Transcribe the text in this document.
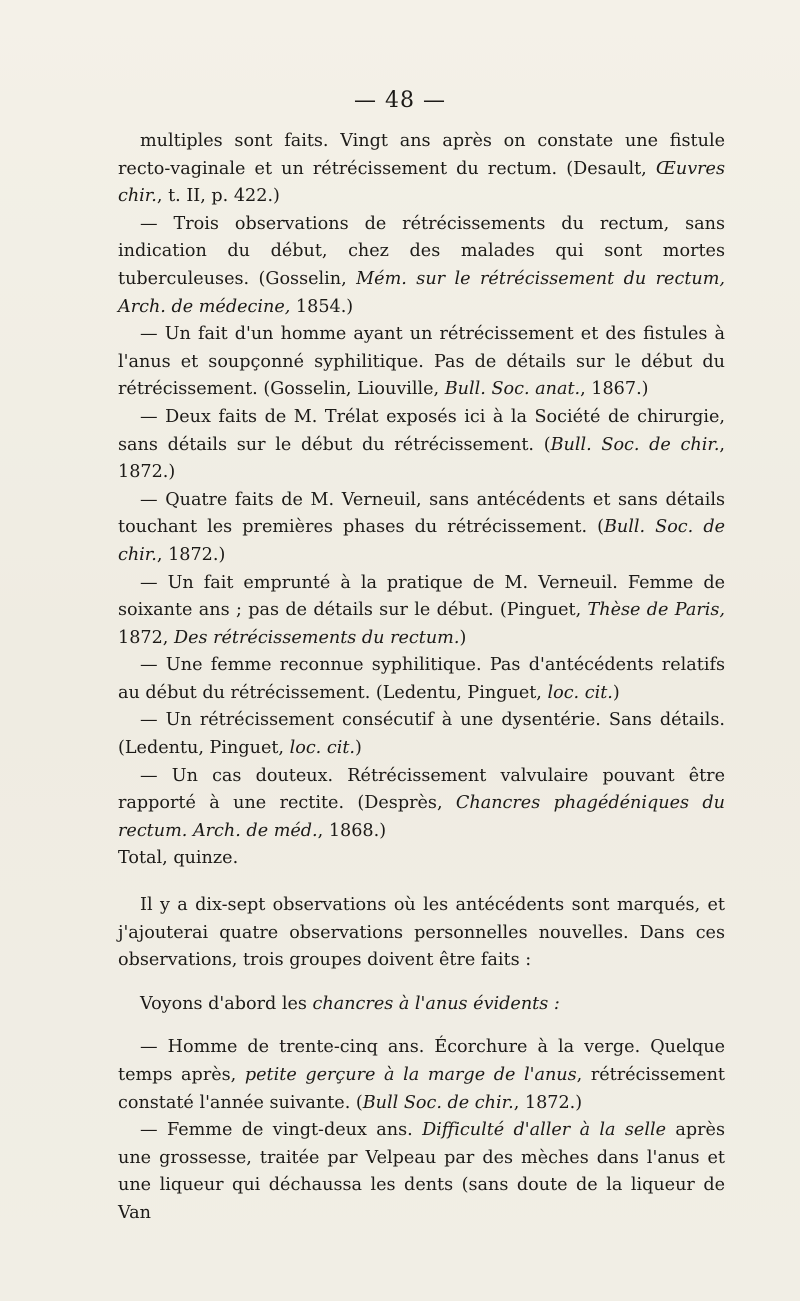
— 48 —

multiples sont faits. Vingt ans après on constate une fistule recto-vaginale et un rétrécissement du rectum. (Desault, Œuvres chir., t. II, p. 422.)

— Trois observations de rétrécissements du rectum, sans indication du début, chez des malades qui sont mortes tuberculeuses. (Gosselin, Mém. sur le rétrécissement du rectum, Arch. de médecine, 1854.)

— Un fait d'un homme ayant un rétrécissement et des fistules à l'anus et soupçonné syphilitique. Pas de détails sur le début du rétrécissement. (Gosselin, Liouville, Bull. Soc. anat., 1867.)

— Deux faits de M. Trélat exposés ici à la Société de chirurgie, sans détails sur le début du rétrécissement. (Bull. Soc. de chir., 1872.)

— Quatre faits de M. Verneuil, sans antécédents et sans détails touchant les premières phases du rétrécissement. (Bull. Soc. de chir., 1872.)

— Un fait emprunté à la pratique de M. Verneuil. Femme de soixante ans ; pas de détails sur le début. (Pinguet, Thèse de Paris, 1872, Des rétrécissements du rectum.)

— Une femme reconnue syphilitique. Pas d'antécédents relatifs au début du rétrécissement. (Ledentu, Pinguet, loc. cit.)

— Un rétrécissement consécutif à une dysentérie. Sans détails. (Ledentu, Pinguet, loc. cit.)

— Un cas douteux. Rétrécissement valvulaire pouvant être rapporté à une rectite. (Desprès, Chancres phagédéniques du rectum. Arch. de méd., 1868.)

Total, quinze.

Il y a dix-sept observations où les antécédents sont marqués, et j'ajouterai quatre observations personnelles nouvelles. Dans ces observations, trois groupes doivent être faits :

Voyons d'abord les chancres à l'anus évidents :

— Homme de trente-cinq ans. Écorchure à la verge. Quelque temps après, petite gerçure à la marge de l'anus, rétrécissement constaté l'année suivante. (Bull Soc. de chir., 1872.)

— Femme de vingt-deux ans. Difficulté d'aller à la selle après une grossesse, traitée par Velpeau par des mèches dans l'anus et une liqueur qui déchaussa les dents (sans doute de la liqueur de Van
